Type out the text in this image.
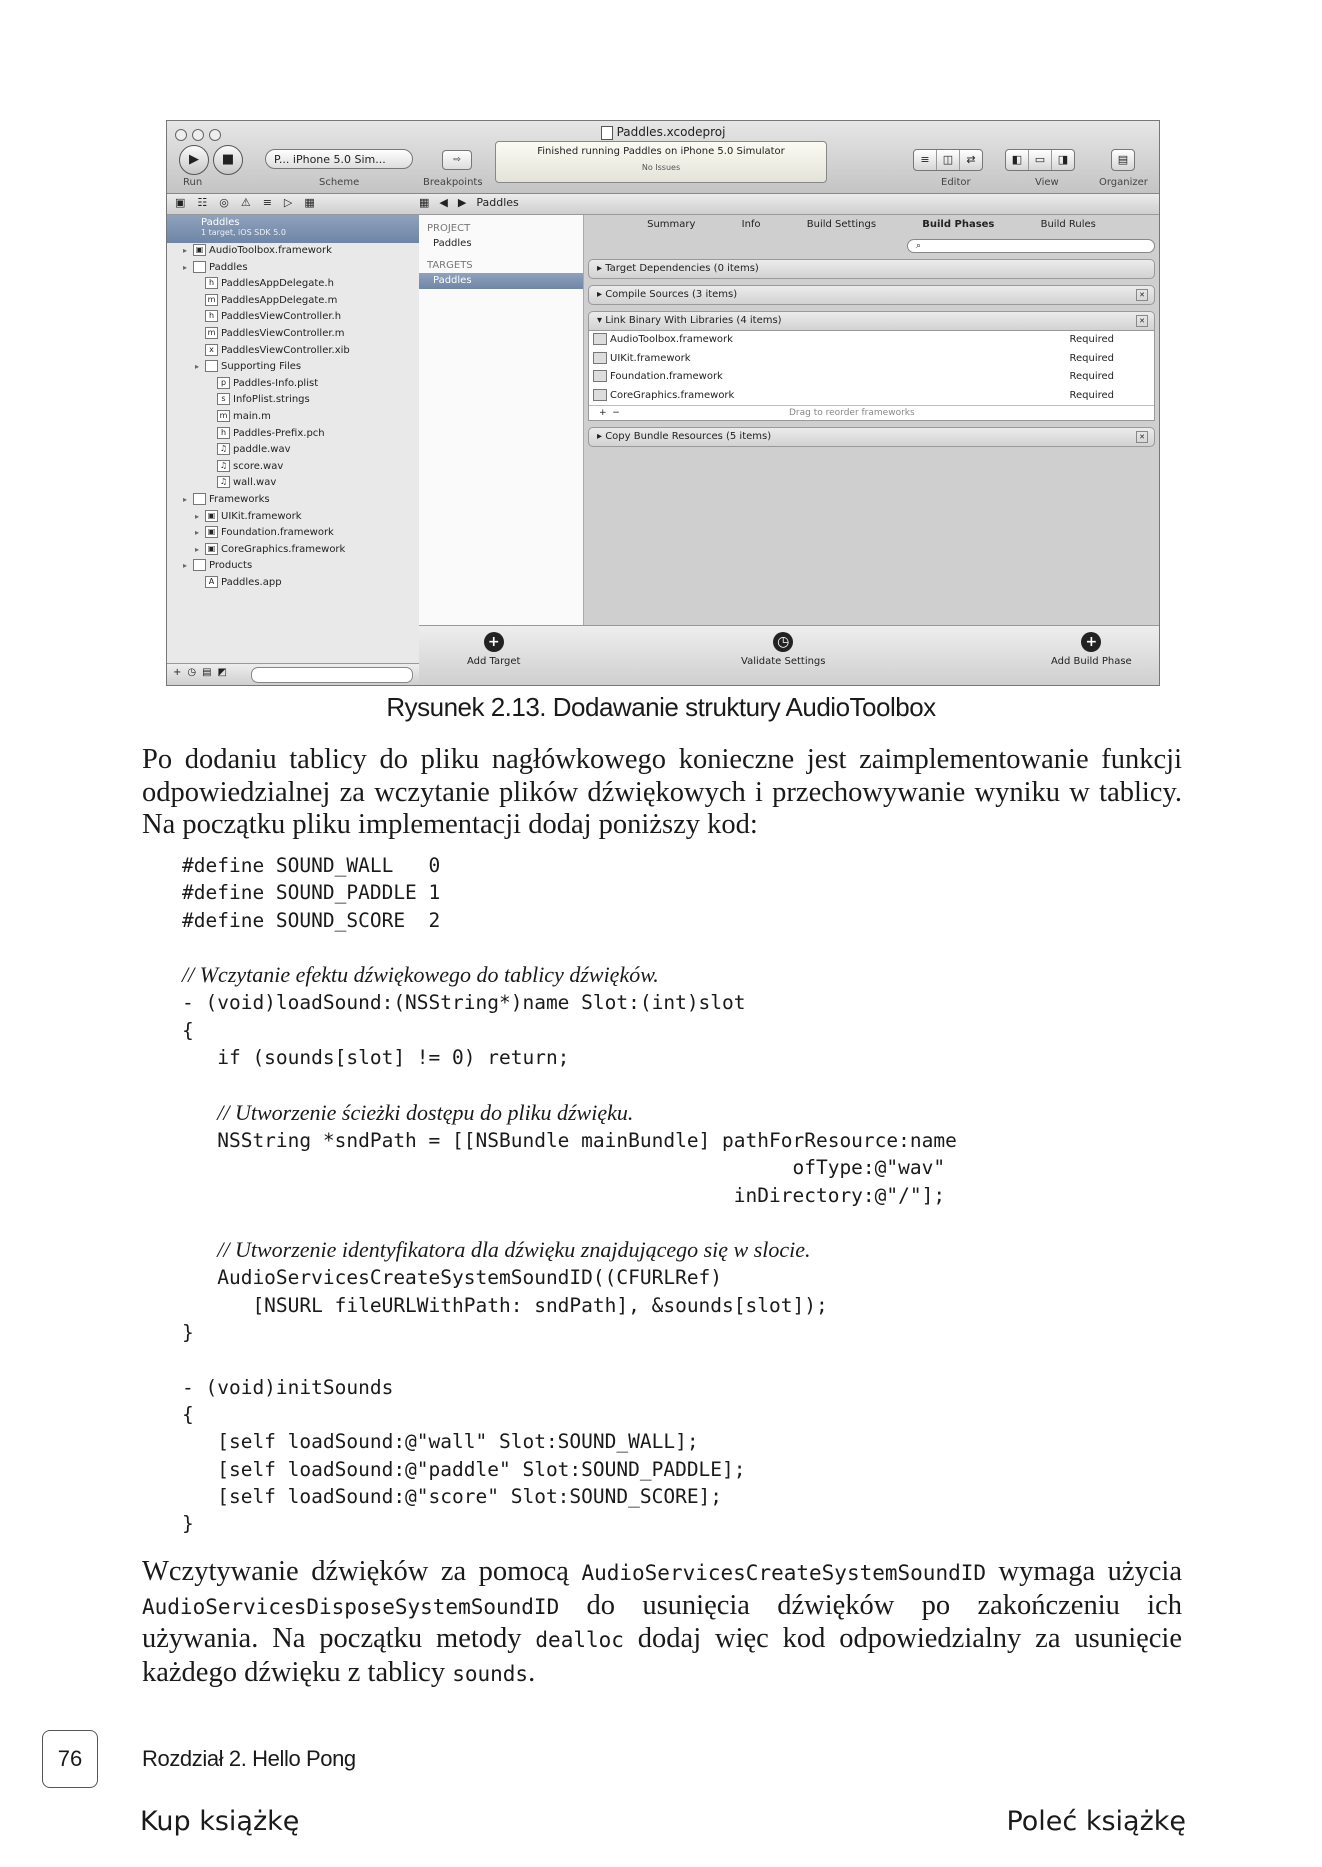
Paddles.xcodeproj
▶	■
Run
P... iPhone 5.0 Sim...
Scheme
⇨
Breakpoints
Finished running Paddles on iPhone 5.0 Simulator
No Issues
≡	◫	⇄
Editor
◧	▭	◨
View
▤
Organizer
▣☷◎⚠≡▷▦	▦ ◀ ▶ Paddles
Paddles
1 target, iOS SDK 5.0
▸ ▣ AudioToolbox.framework
▸ Paddles
h PaddlesAppDelegate.h
m PaddlesAppDelegate.m
h PaddlesViewController.h
m PaddlesViewController.m
x PaddlesViewController.xib
▸ Supporting Files
p Paddles-Info.plist
s InfoPlist.strings
m main.m
h Paddles-Prefix.pch
♫ paddle.wav
♫ score.wav
♫ wall.wav
▸ Frameworks
▸ ▣ UIKit.framework
▸ ▣ Foundation.framework
▸ ▣ CoreGraphics.framework
▸ Products
A Paddles.app
+◷▤◩
PROJECT
Paddles
TARGETS
Paddles
Summary	Info	Build Settings	Build Phases	Build Rules
⌕
▸ Target Dependencies (0 items)
▸ Compile Sources (3 items)	✕
▾ Link Binary With Libraries (4 items)	✕
AudioToolbox.framework	Required
UIKit.framework	Required
Foundation.framework	Required
CoreGraphics.framework	Required
+  −	Drag to reorder frameworks
▸ Copy Bundle Resources (5 items)	✕
+
Add Target
◷
Validate Settings
+
Add Build Phase
Rysunek 2.13. Dodawanie struktury AudioToolbox

Po dodaniu tablicy do pliku nagłówkowego konieczne jest zaimplementowanie funkcji odpowiedzialnej za wczytanie plików dźwiękowych i przechowywanie wyniku w tablicy. Na początku pliku implementacji dodaj poniższy kod:

#define SOUND_WALL   0
#define SOUND_PADDLE 1
#define SOUND_SCORE  2

// Wczytanie efektu dźwiękowego do tablicy dźwięków.
- (void)loadSound:(NSString*)name Slot:(int)slot
{
if (sounds[slot] != 0) return;

// Utworzenie ścieżki dostępu do pliku dźwięku.
NSString *sndPath = [[NSBundle mainBundle] pathForResource:name
ofType:@"wav"
inDirectory:@"/"];

// Utworzenie identyfikatora dla dźwięku znajdującego się w slocie.
AudioServicesCreateSystemSoundID((CFURLRef)
[NSURL fileURLWithPath: sndPath], &sounds[slot]);
}

- (void)initSounds
{
[self loadSound:@"wall" Slot:SOUND_WALL];
[self loadSound:@"paddle" Slot:SOUND_PADDLE];
[self loadSound:@"score" Slot:SOUND_SCORE];
}

Wczytywanie dźwięków za pomocą AudioServicesCreateSystemSoundID wymaga użycia AudioServicesDisposeSystemSoundID do usunięcia dźwięków po zakończeniu ich używania. Na początku metody dealloc dodaj więc kod odpowiedzialny za usunięcie każdego dźwięku z tablicy sounds.

76	Rozdział 2. Hello Pong
Kup książkę	Poleć książkę
